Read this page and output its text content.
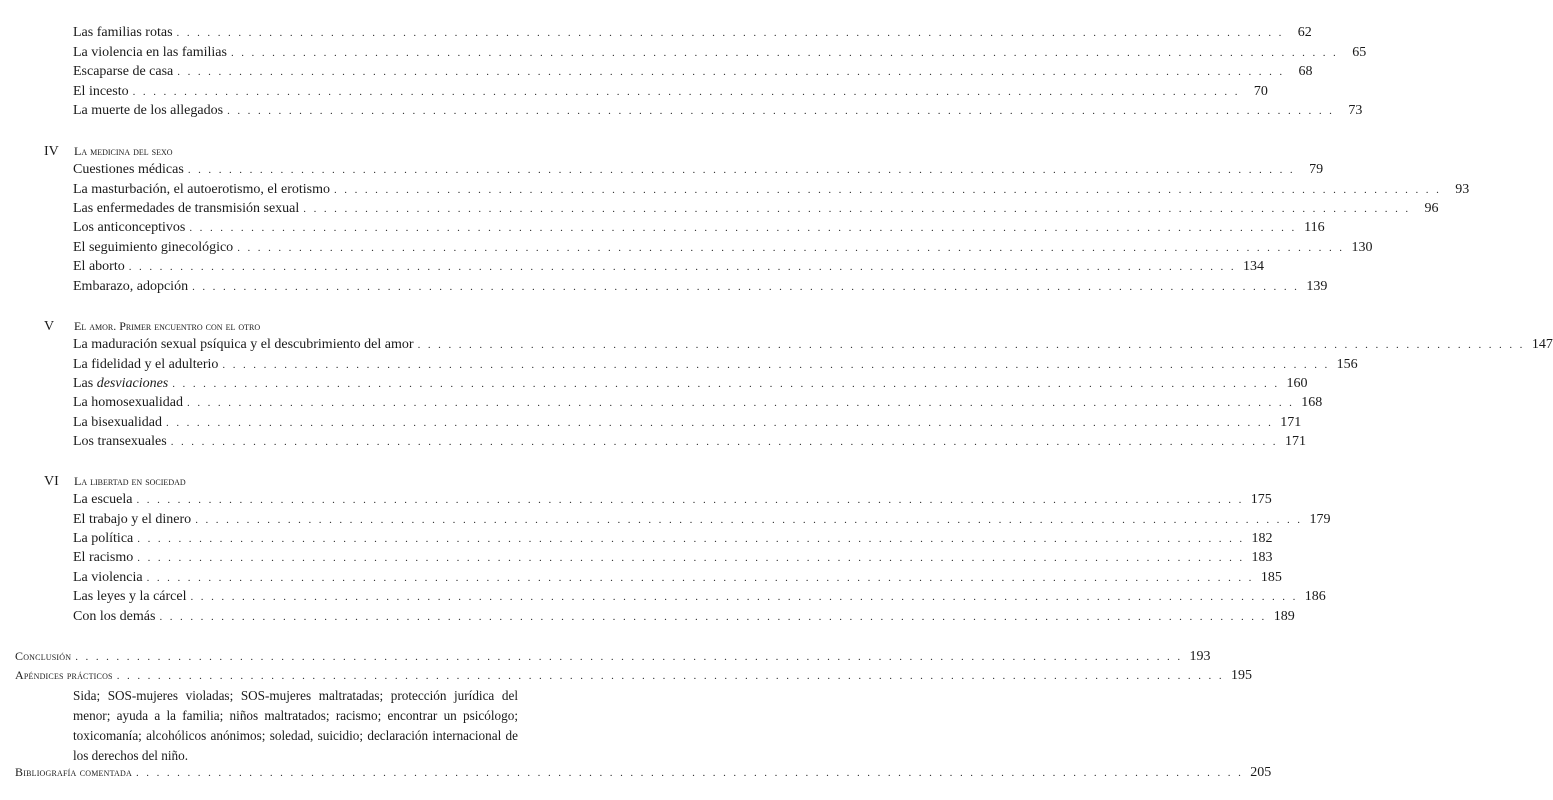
Las familias rotas . . . . . . . . . . . . . . . . . . . . . . . . . . . . . . . . . . . . . . . . . . . . . . . . . . . . . . . . . . . . . . . . . . . . . . . . . . . . . . . . . . . . . . . . . . . . . . . . . . . . . . . . . . . .	62
La violencia en las familias . . . . . . . . . . . . . . . . . . . . . . . . . . . . . . . . . . . . . . . . . . . . . . . . . . . . . . . . . . . . . . . . . . . . . . . . . . . . . . . . . . . . . . . . . . . . . . . . . . . . . . . . . . . .	65
Escaparse de casa . . . . . . . . . . . . . . . . . . . . . . . . . . . . . . . . . . . . . . . . . . . . . . . . . . . . . . . . . . . . . . . . . . . . . . . . . . . . . . . . . . . . . . . . . . . . . . . . . . . . . . . . . . . .	68
El incesto . . . . . . . . . . . . . . . . . . . . . . . . . . . . . . . . . . . . . . . . . . . . . . . . . . . . . . . . . . . . . . . . . . . . . . . . . . . . . . . . . . . . . . . . . . . . . . . . . . . . . . . . . . . .	70
La muerte de los allegados . . . . . . . . . . . . . . . . . . . . . . . . . . . . . . . . . . . . . . . . . . . . . . . . . . . . . . . . . . . . . . . . . . . . . . . . . . . . . . . . . . . . . . . . . . . . . . . . . . . . . . . . . . . .	73
IV La medicina del sexo
Cuestiones médicas . . . . . . . . . . . . . . . . . . . . . . . . . . . . . . . . . . . . . . . . . . . . . . . . . . . . . . . . . . . . . . . . . . . . . . . . . . . . . . . . . . . . . . . . . . . . . . . . . . . . . . . . . . . .	79
La masturbación, el autoerotismo, el erotismo . . . . . . . . . . . . . . . . . . . . . . . . . . . . . . . . . . . . . . . . . . . . . . . . . . . . . . . . . . . . . . . . . . . . . . . . . . . . . . . . . . . . . . . . . . . . . . . . . . . . . . . . . . . .	93
Las enfermedades de transmisión sexual . . . . . . . . . . . . . . . . . . . . . . . . . . . . . . . . . . . . . . . . . . . . . . . . . . . . . . . . . . . . . . . . . . . . . . . . . . . . . . . . . . . . . . . . . . . . . . . . . . . . . . . . . . . .	96
Los anticonceptivos . . . . . . . . . . . . . . . . . . . . . . . . . . . . . . . . . . . . . . . . . . . . . . . . . . . . . . . . . . . . . . . . . . . . . . . . . . . . . . . . . . . . . . . . . . . . . . . . . . . . . . . . . . . . 116
El seguimiento ginecológico . . . . . . . . . . . . . . . . . . . . . . . . . . . . . . . . . . . . . . . . . . . . . . . . . . . . . . . . . . . . . . . . . . . . . . . . . . . . . . . . . . . . . . . . . . . . . . . . . . . . . . . . . . . . 130
El aborto . . . . . . . . . . . . . . . . . . . . . . . . . . . . . . . . . . . . . . . . . . . . . . . . . . . . . . . . . . . . . . . . . . . . . . . . . . . . . . . . . . . . . . . . . . . . . . . . . . . . . . . . . . . . 134
Embarazo, adopción . . . . . . . . . . . . . . . . . . . . . . . . . . . . . . . . . . . . . . . . . . . . . . . . . . . . . . . . . . . . . . . . . . . . . . . . . . . . . . . . . . . . . . . . . . . . . . . . . . . . . . . . . . . . 139
V El amor. Primer encuentro con el otro
La maduración sexual psíquica y el descubrimiento del amor . . . . . . . . . . . . . . . . . . . . . . . . . . . . . . . . . . . . . . . . . . . . . . . . . . . . . . . . . . . . . . . . . . . . . . . . . . . . . . . . . . . . . . . . . . . . . . . . . . . . . . . . . . . . 147
La fidelidad y el adulterio . . . . . . . . . . . . . . . . . . . . . . . . . . . . . . . . . . . . . . . . . . . . . . . . . . . . . . . . . . . . . . . . . . . . . . . . . . . . . . . . . . . . . . . . . . . . . . . . . . . . . . . . . . . . 156
Las desviaciones . . . . . . . . . . . . . . . . . . . . . . . . . . . . . . . . . . . . . . . . . . . . . . . . . . . . . . . . . . . . . . . . . . . . . . . . . . . . . . . . . . . . . . . . . . . . . . . . . . . . . . . . . . . . 160
La homosexualidad . . . . . . . . . . . . . . . . . . . . . . . . . . . . . . . . . . . . . . . . . . . . . . . . . . . . . . . . . . . . . . . . . . . . . . . . . . . . . . . . . . . . . . . . . . . . . . . . . . . . . . . . . . . . 168
La bisexualidad . . . . . . . . . . . . . . . . . . . . . . . . . . . . . . . . . . . . . . . . . . . . . . . . . . . . . . . . . . . . . . . . . . . . . . . . . . . . . . . . . . . . . . . . . . . . . . . . . . . . . . . . . . . . 171
Los transexuales . . . . . . . . . . . . . . . . . . . . . . . . . . . . . . . . . . . . . . . . . . . . . . . . . . . . . . . . . . . . . . . . . . . . . . . . . . . . . . . . . . . . . . . . . . . . . . . . . . . . . . . . . . . . 171
VI La libertad en sociedad
La escuela . . . . . . . . . . . . . . . . . . . . . . . . . . . . . . . . . . . . . . . . . . . . . . . . . . . . . . . . . . . . . . . . . . . . . . . . . . . . . . . . . . . . . . . . . . . . . . . . . . . . . . . . . . . . 175
El trabajo y el dinero . . . . . . . . . . . . . . . . . . . . . . . . . . . . . . . . . . . . . . . . . . . . . . . . . . . . . . . . . . . . . . . . . . . . . . . . . . . . . . . . . . . . . . . . . . . . . . . . . . . . . . . . . . . . 179
La política . . . . . . . . . . . . . . . . . . . . . . . . . . . . . . . . . . . . . . . . . . . . . . . . . . . . . . . . . . . . . . . . . . . . . . . . . . . . . . . . . . . . . . . . . . . . . . . . . . . . . . . . . . . . 182
El racismo . . . . . . . . . . . . . . . . . . . . . . . . . . . . . . . . . . . . . . . . . . . . . . . . . . . . . . . . . . . . . . . . . . . . . . . . . . . . . . . . . . . . . . . . . . . . . . . . . . . . . . . . . . . . 183
La violencia . . . . . . . . . . . . . . . . . . . . . . . . . . . . . . . . . . . . . . . . . . . . . . . . . . . . . . . . . . . . . . . . . . . . . . . . . . . . . . . . . . . . . . . . . . . . . . . . . . . . . . . . . . . . 185
Las leyes y la cárcel . . . . . . . . . . . . . . . . . . . . . . . . . . . . . . . . . . . . . . . . . . . . . . . . . . . . . . . . . . . . . . . . . . . . . . . . . . . . . . . . . . . . . . . . . . . . . . . . . . . . . . . . . . . . 186
Con los demás . . . . . . . . . . . . . . . . . . . . . . . . . . . . . . . . . . . . . . . . . . . . . . . . . . . . . . . . . . . . . . . . . . . . . . . . . . . . . . . . . . . . . . . . . . . . . . . . . . . . . . . . . . . . 189
Conclusión . . . . . . . . . . . . . . . . . . . . . . . . . . . . . . . . . . . . . . . . . . . . . . . . . . . . . . . . . . . . . . . . . . . . . . . . . . . . . . . . . . . . . . . . . . . . . . . . . . . . . . . . . . . . 193
Apéndices prácticos . . . . . . . . . . . . . . . . . . . . . . . . . . . . . . . . . . . . . . . . . . . . . . . . . . . . . . . . . . . . . . . . . . . . . . . . . . . . . . . . . . . . . . . . . . . . . . . . . . . . . . . . . . . . 195
Sida; SOS-mujeres violadas; SOS-mujeres maltratadas; protección jurídica del menor; ayuda a la familia; niños maltratados; racismo; encontrar un psicólogo; toxicomanía; alcohólicos anónimos; soledad, suicidio; declaración internacional de los derechos del niño.
Bibliografía comentada . . . . . . . . . . . . . . . . . . . . . . . . . . . . . . . . . . . . . . . . . . . . . . . . . . . . . . . . . . . . . . . . . . . . . . . . . . . . . . . . . . . . . . . . . . . . . . . . . . . . . . . . . . . . 205
